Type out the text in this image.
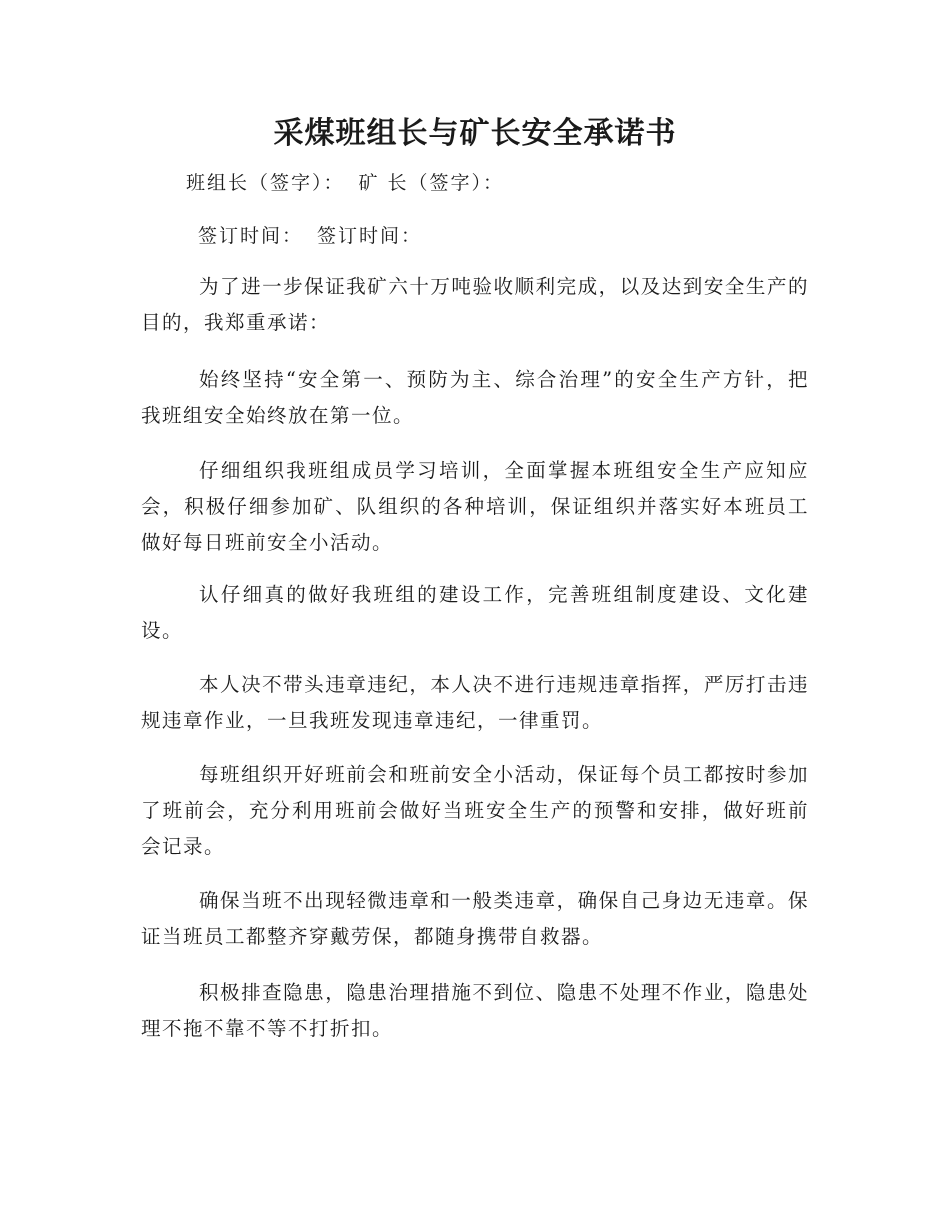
采煤班组长与矿长安全承诺书
班组长（签字）： 矿 长（签字）：
签订时间： 签订时间：

为了进一步保证我矿六十万吨验收顺利完成，以及达到安全生产的目的，我郑重承诺：

始终坚持“安全第一、预防为主、综合治理”的安全生产方针，把我班组安全始终放在第一位。

仔细组织我班组成员学习培训，全面掌握本班组安全生产应知应会，积极仔细参加矿、队组织的各种培训，保证组织并落实好本班员工做好每日班前安全小活动。

认仔细真的做好我班组的建设工作，完善班组制度建设、文化建设。

本人决不带头违章违纪，本人决不进行违规违章指挥，严厉打击违规违章作业，一旦我班发现违章违纪，一律重罚。

每班组织开好班前会和班前安全小活动，保证每个员工都按时参加了班前会，充分利用班前会做好当班安全生产的预警和安排，做好班前会记录。

确保当班不出现轻微违章和一般类违章，确保自己身边无违章。保证当班员工都整齐穿戴劳保，都随身携带自救器。

积极排查隐患，隐患治理措施不到位、隐患不处理不作业，隐患处理不拖不靠不等不打折扣。
